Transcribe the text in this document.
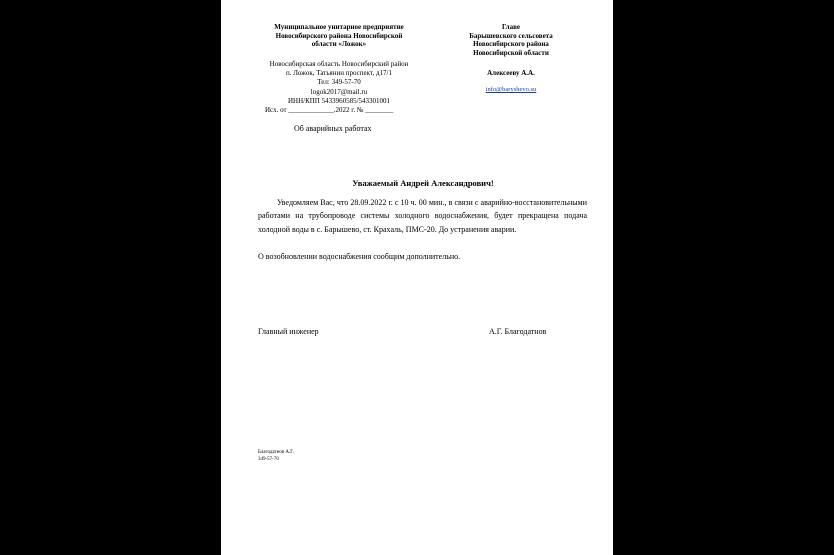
Муниципальное унитарное предприятие
Новосибирского района Новосибирской
области «Ложок»
Новосибирская область Новосибирский район
п. Ложок, Татьянин проспект, д17/1
Тел: 349-57-70
logok2017@mail.ru
ИНН/КПП 5433960585/543301001
Исх. от _____________.2022 г. № ________
Об аварийных работах
Главе
Барышевского сельсовета
Новосибирского района
Новосибирской области
Алексееву А.А.
info@baryshevo.su
Уважаемый Андрей Александрович!
Уведомляем Вас, что 28.09.2022 г. с 10 ч. 00 мин., в связи с аварийно-восстановительными работами на трубопроводе системы холодного водоснабжения, будет прекращена подача холодной воды в с. Барышево, ст. Краxаль, ПМС-20. До устранения аварии.
О возобновлении водоснабжения сообщим дополнительно.
Главный инженер	А.Г. Благодатнов
Благодатнов А.Г.
349-57-70
